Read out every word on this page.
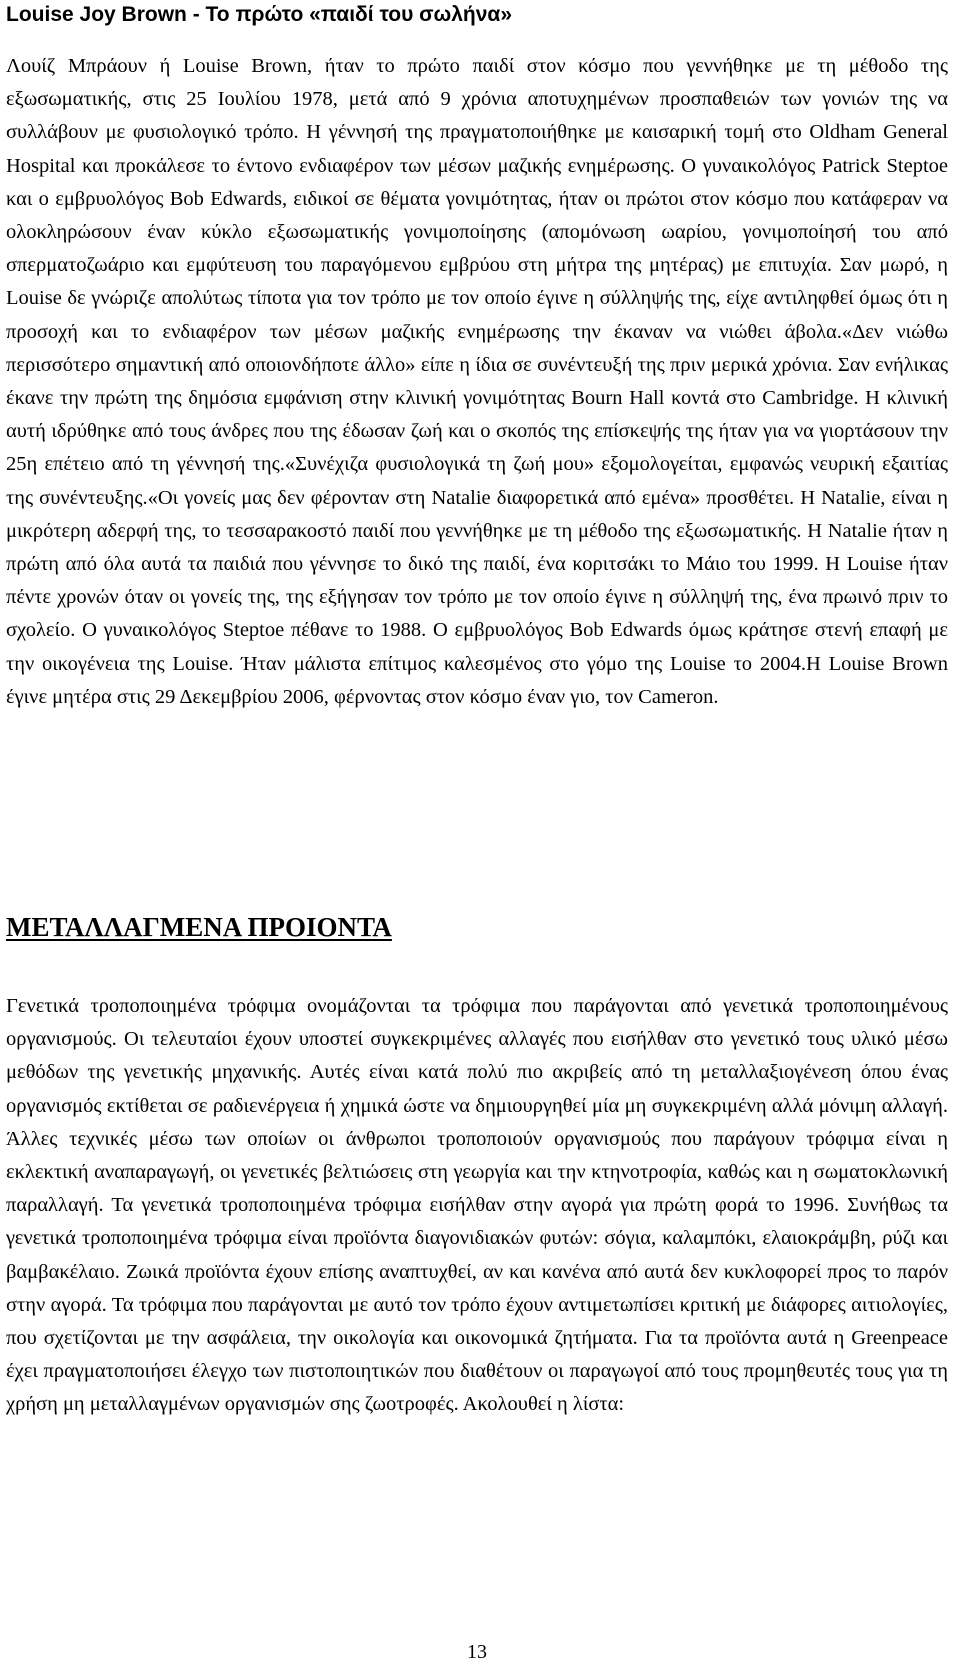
Louise Joy Brown - Το πρώτο «παιδί του σωλήνα»
Λουίζ Μπράουν ή Louise Brown, ήταν το πρώτο παιδί στον κόσμο που γεννήθηκε με τη μέθοδο της εξωσωματικής, στις 25 Ιουλίου 1978, μετά από 9 χρόνια αποτυχημένων προσπαθειών των γονιών της να συλλάβουν με φυσιολογικό τρόπο. Η γέννησή της πραγματοποιήθηκε με καισαρική τομή στο Oldham General Hospital και προκάλεσε το έντονο ενδιαφέρον των μέσων μαζικής ενημέρωσης. Ο γυναικολόγος Patrick Steptoe και ο εμβρυολόγος Bob Edwards, ειδικοί σε θέματα γονιμότητας, ήταν οι πρώτοι στον κόσμο που κατάφεραν να ολοκληρώσουν έναν κύκλο εξωσωματικής γονιμοποίησης (απομόνωση ωαρίου, γονιμοποίησή του από σπερματοζωάριο και εμφύτευση του παραγόμενου εμβρύου στη μήτρα της μητέρας) με επιτυχία. Σαν μωρό, η Louise δε γνώριζε απολύτως τίποτα για τον τρόπο με τον οποίο έγινε η σύλληψής της, είχε αντιληφθεί όμως ότι η προσοχή και το ενδιαφέρον των μέσων μαζικής ενημέρωσης την έκαναν να νιώθει άβολα.«Δεν νιώθω περισσότερο σημαντική από οποιονδήποτε άλλο» είπε η ίδια σε συνέντευξή της πριν μερικά χρόνια. Σαν ενήλικας έκανε την πρώτη της δημόσια εμφάνιση στην κλινική γονιμότητας Bourn Hall κοντά στο Cambridge. Η κλινική αυτή ιδρύθηκε από τους άνδρες που της έδωσαν ζωή και ο σκοπός της επίσκεψής της ήταν για να γιορτάσουν την 25η επέτειο από τη γέννησή της.«Συνέχιζα φυσιολογικά τη ζωή μου» εξομολογείται, εμφανώς νευρική εξαιτίας της συνέντευξης.«Οι γονείς μας δεν φέρονταν στη Natalie διαφορετικά από εμένα» προσθέτει. Η Natalie, είναι η μικρότερη αδερφή της, το τεσσαρακοστό παιδί που γεννήθηκε με τη μέθοδο της εξωσωματικής. Η Natalie ήταν η πρώτη από όλα αυτά τα παιδιά που γέννησε το δικό της παιδί, ένα κοριτσάκι το Μάιο του 1999. Η Louise ήταν πέντε χρονών όταν οι γονείς της, της εξήγησαν τον τρόπο με τον οποίο έγινε η σύλληψή της, ένα πρωινό πριν το σχολείο. Ο γυναικολόγος Steptoe πέθανε το 1988. Ο εμβρυολόγος Bob Edwards όμως κράτησε στενή επαφή με την οικογένεια της Louise. Ήταν μάλιστα επίτιμος καλεσμένος στο γόμο της Louise το 2004.Η Louise Brown έγινε μητέρα στις 29 Δεκεμβρίου 2006, φέρνοντας στον κόσμο έναν γιο, τον Cameron.
ΜΕΤΑΛΛΑΓΜΕΝΑ ΠΡΟΙΟΝΤΑ
Γενετικά τροποποιημένα τρόφιμα ονομάζονται τα τρόφιμα που παράγονται από γενετικά τροποποιημένους οργανισμούς. Οι τελευταίοι έχουν υποστεί συγκεκριμένες αλλαγές που εισήλθαν στο γενετικό τους υλικό μέσω μεθόδων της γενετικής μηχανικής. Αυτές είναι κατά πολύ πιο ακριβείς από τη μεταλλαξιογένεση όπου ένας οργανισμός εκτίθεται σε ραδιενέργεια ή χημικά ώστε να δημιουργηθεί μία μη συγκεκριμένη αλλά μόνιμη αλλαγή. Άλλες τεχνικές μέσω των οποίων οι άνθρωποι τροποποιούν οργανισμούς που παράγουν τρόφιμα είναι η εκλεκτική αναπαραγωγή, οι γενετικές βελτιώσεις στη γεωργία και την κτηνοτροφία, καθώς και η σωματοκλωνική παραλλαγή. Τα γενετικά τροποποιημένα τρόφιμα εισήλθαν στην αγορά για πρώτη φορά το 1996. Συνήθως τα γενετικά τροποποιημένα τρόφιμα είναι προϊόντα διαγονιδιακών φυτών: σόγια, καλαμπόκι, ελαιοκράμβη, ρύζι και βαμβακέλαιο. Ζωικά προϊόντα έχουν επίσης αναπτυχθεί, αν και κανένα από αυτά δεν κυκλοφορεί προς το παρόν στην αγορά. Τα τρόφιμα που παράγονται με αυτό τον τρόπο έχουν αντιμετωπίσει κριτική με διάφορες αιτιολογίες, που σχετίζονται με την ασφάλεια, την οικολογία και οικονομικά ζητήματα. Για τα προϊόντα αυτά η Greenpeace έχει πραγματοποιήσει έλεγχο των πιστοποιητικών που διαθέτουν οι παραγωγοί από τους προμηθευτές τους για τη χρήση μη μεταλλαγμένων οργανισμών σης ζωοτροφές. Ακολουθεί η λίστα:
13
